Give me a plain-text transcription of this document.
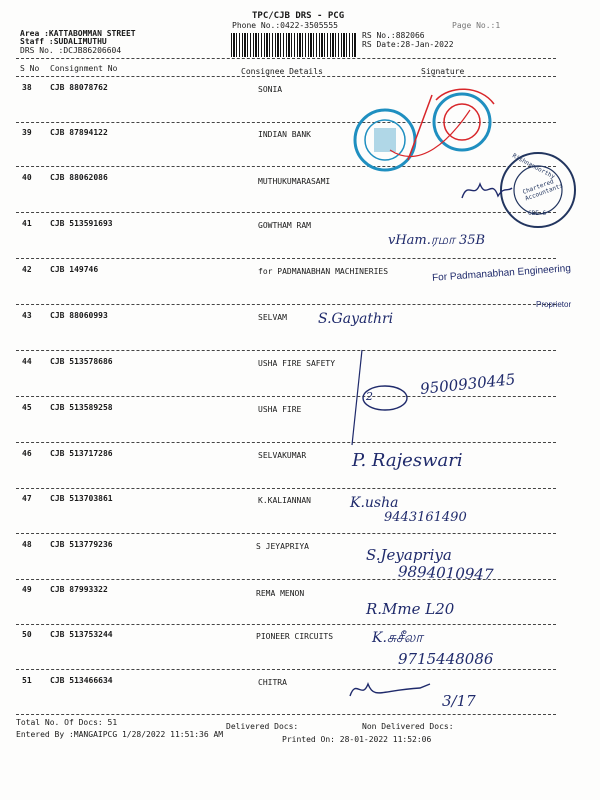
TPC/CJB DRS - PCG
Phone No.:0422-3505555	Page No.:1
Area :KATTABOMMAN STREET
Staff :SUDALIMUTHU
DRS No. :DCJB86206604
RS No.:882066
RS Date:28-Jan-2022
S No Consignment No	Consignee Details	Signature
38 CJB 88078762	SONIA
39 CJB 87894122	INDIAN BANK
40 CJB 88062086	MUTHUKUMARASAMI
41 CJB 513591693	GOWTHAM RAM
42 CJB 149746	for PADMANABHAN MACHINERIES
43 CJB 88060993	SELVAM
44 CJB 513578686	USHA FIRE SAFETY
45 CJB 513589258	USHA FIRE
46 CJB 513717286	SELVAKUMAR
47 CJB 513703861	K.KALIANNAN
48 CJB 513779236	S JEYAPRIYA
49 CJB 87993322	REMA MENON
50 CJB 513753244	PIONEER CIRCUITS
51 CJB 513466634	CHITRA
Rishnamoorthy
Chartered Accountants
CBE-6
For Padmanabhan Engineering
Proprietor
vHam.ரமா 35B
S.Gayathri
2	9500930445
P. Rajeswari
K.usha
9443161490
S.Jeyapriya
9894010947
R.Mme L20
K.சுசீலா
9715448086
3/17
Total No. Of Docs: 51	Delivered Docs:	Non Delivered Docs:
Entered By :MANGAIPCG 1/28/2022 11:51:36 AM
Printed On: 28-01-2022 11:52:06
